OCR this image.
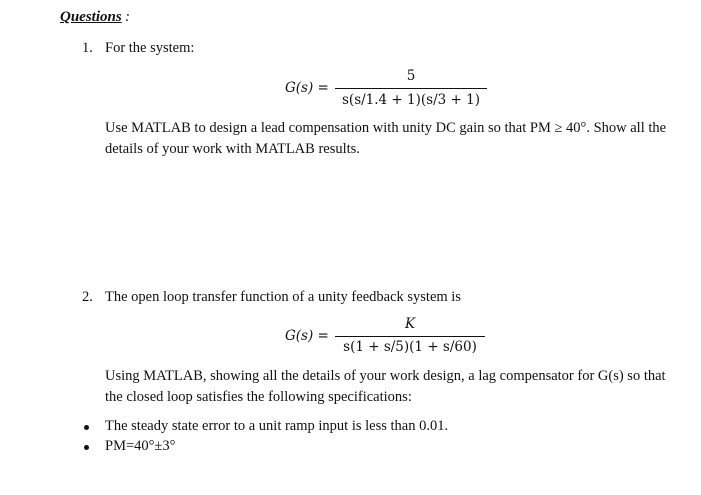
Questions :
1. For the system:
G(s) =
5
s(s/1.4 + 1)(s/3 + 1)
Use MATLAB to design a lead compensation with unity DC gain so that PM ≥ 40°. Show all the details of your work with MATLAB results.
2. The open loop transfer function of a unity feedback system is
G(s) =
K
s(1 + s/5)(1 + s/60)
Using MATLAB, showing all the details of your work design, a lag compensator for G(s) so that the closed loop satisfies the following specifications:
The steady state error to a unit ramp input is less than 0.01.
PM=40°±3°
